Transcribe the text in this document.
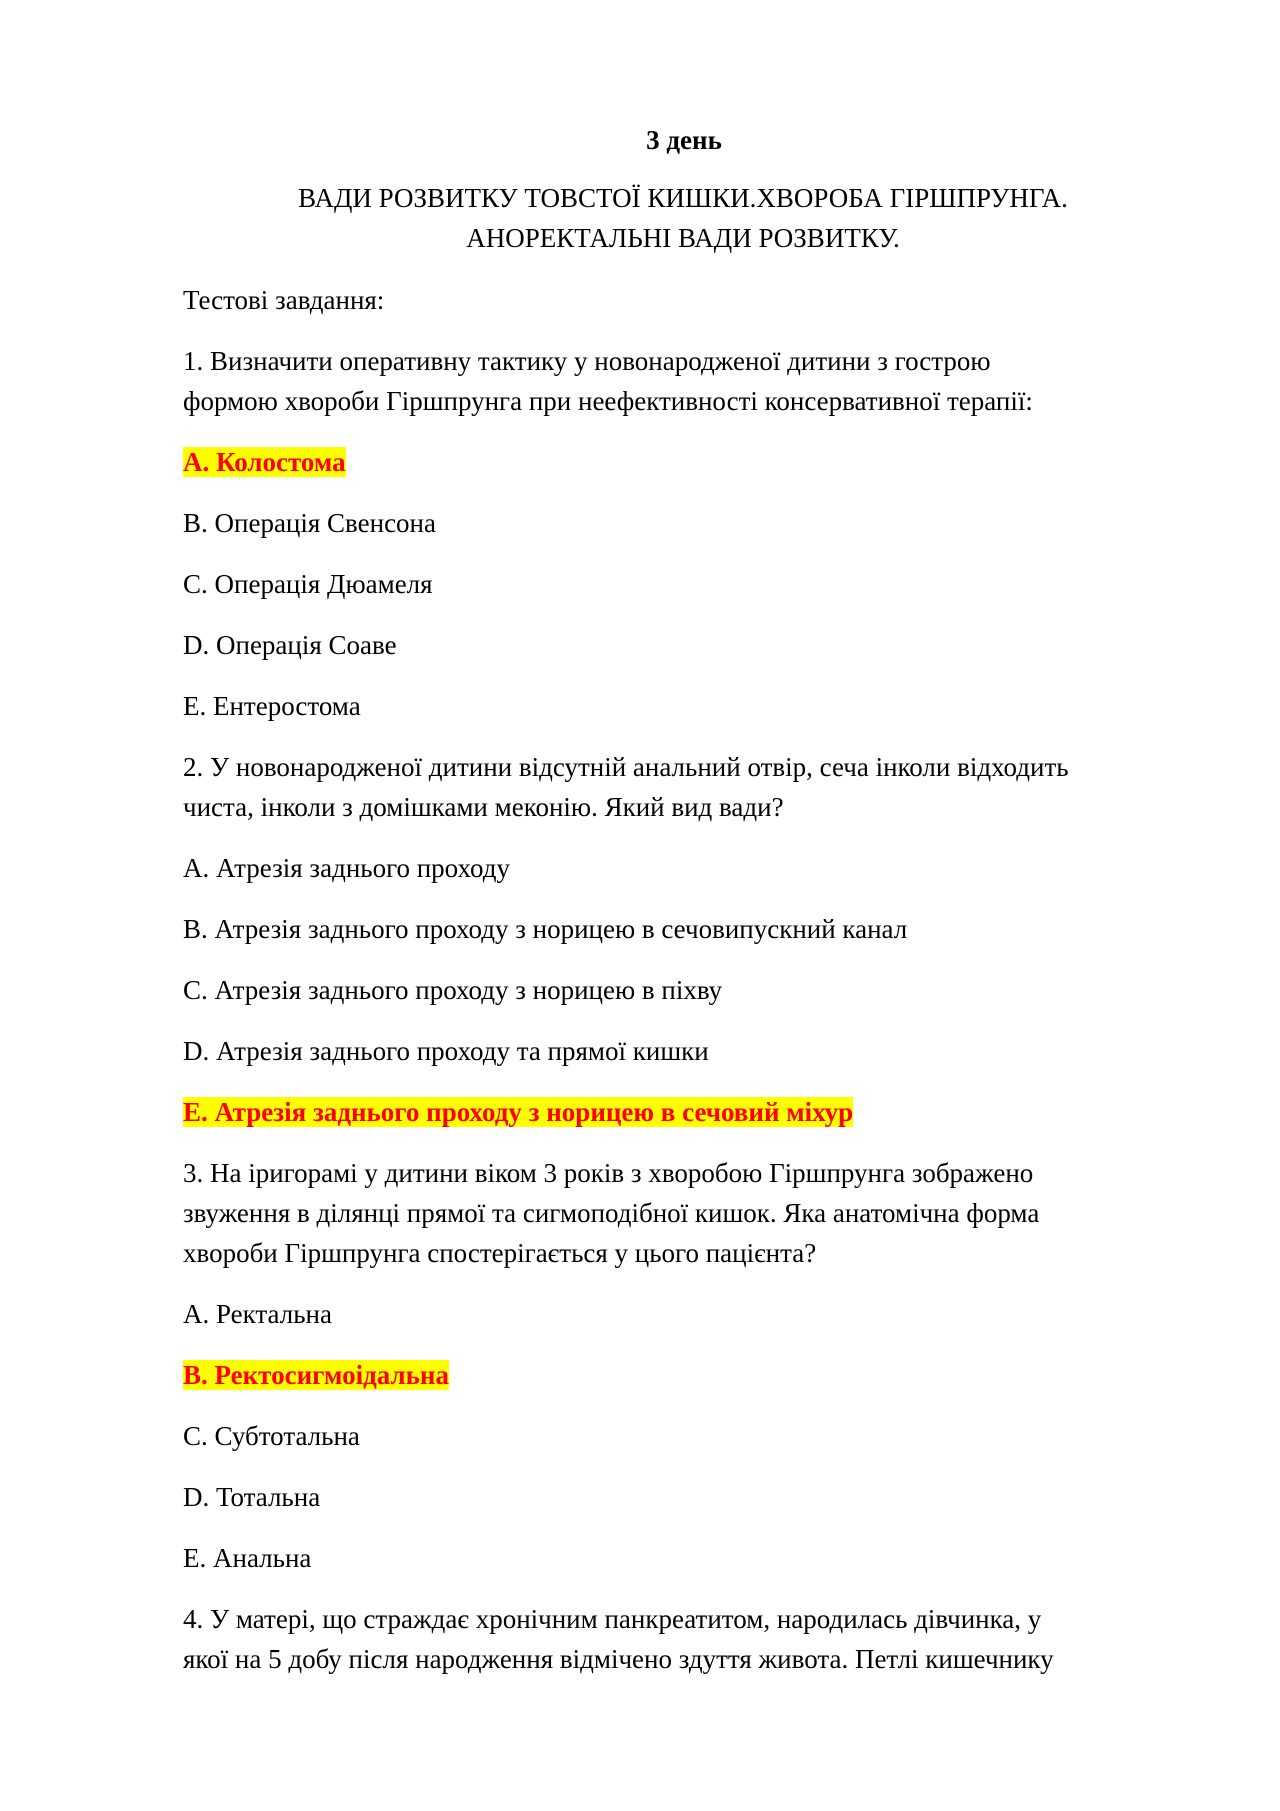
3 день
ВАДИ РОЗВИТКУ ТОВСТОЇ КИШКИ.ХВОРОБА ГІРШПРУНГА.
АНОРЕКТАЛЬНІ ВАДИ РОЗВИТКУ.
Тестові завдання:
1. Визначити оперативну тактику у новонародженої дитини з гострою
формою хвороби Гіршпрунга при неефективності консервативної терапії:
A. Колостома
B. Операція Свенсона
C. Операція Дюамеля
D. Операція Соаве
E. Ентеростома
2. У новонародженої дитини відсутній анальний отвір, сеча інколи відходить
чиста, інколи з домішками меконію. Який вид вади?
A. Атрезія заднього проходу
B. Атрезія заднього проходу з норицею в сечовипускний канал
C. Атрезія заднього проходу з норицею в піхву
D. Атрезія заднього проходу та прямої кишки
E. Атрезія заднього проходу з норицею в сечовий міхур
3. На іригорамі у дитини віком 3 років з хворобою Гіршпрунга зображено
звуження в ділянці прямої та сигмоподібної кишок. Яка анатомічна форма
хвороби Гіршпрунга спостерігається у цього пацієнта?
A. Ректальна
B. Ректосигмоідальна
C. Субтотальна
D. Тотальна
E. Анальна
4. У матері, що страждає хронічним панкреатитом, народилась дівчинка, у
якої на 5 добу після народження відмічено здуття живота. Петлі кишечнику
